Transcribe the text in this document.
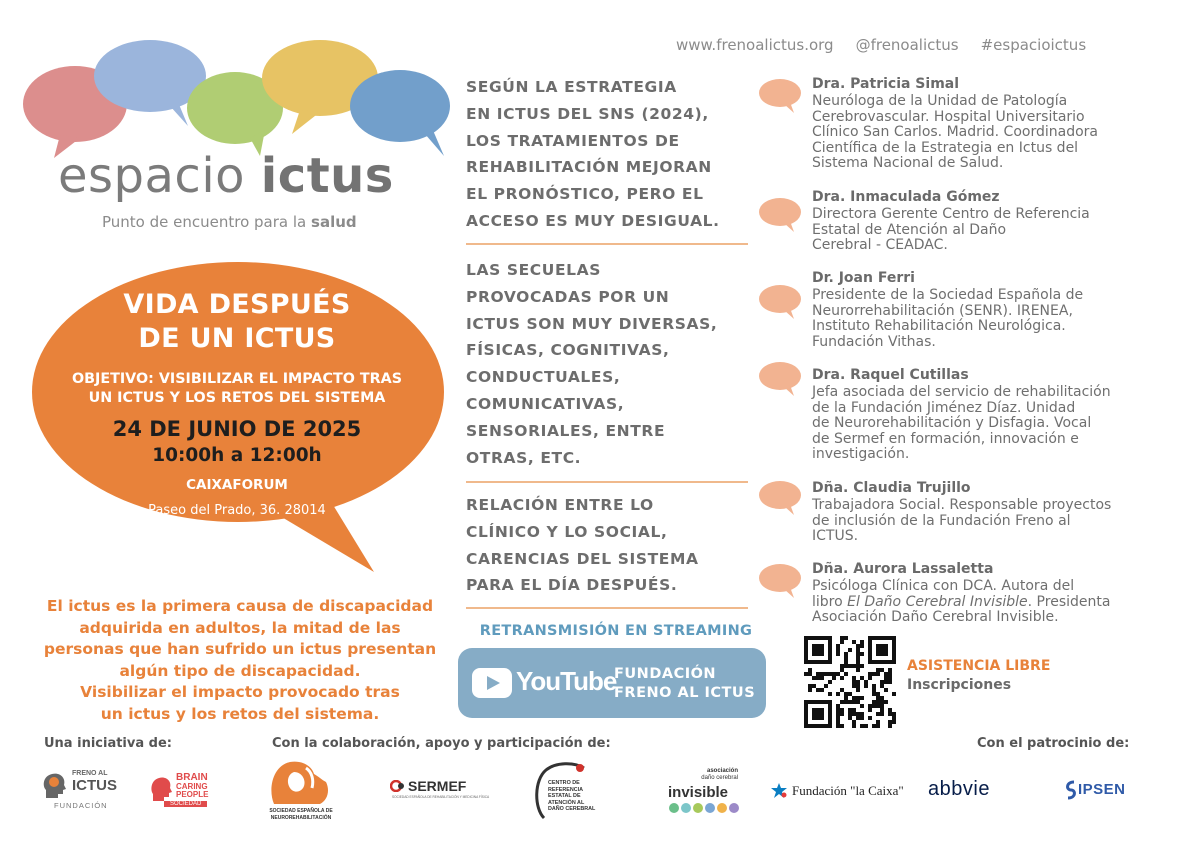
www.frenoalictus.org @frenoalictus #espacioictus
espacio ictus
Punto de encuentro para la salud
VIDA DESPUÉS
DE UN ICTUS
OBJETIVO: VISIBILIZAR EL IMPACTO TRAS
UN ICTUS Y LOS RETOS DEL SISTEMA
24 DE JUNIO DE 2025
10:00h a 12:00h
CAIXAFORUM
Paseo del Prado, 36. 28014
El ictus es la primera causa de discapacidad
adquirida en adultos, la mitad de las
personas que han sufrido un ictus presentan
algún tipo de discapacidad.
Visibilizar el impacto provocado tras
un ictus y los retos del sistema.
SEGÚN LA ESTRATEGIA
EN ICTUS DEL SNS (2024),
LOS TRATAMIENTOS DE
REHABILITACIÓN MEJORAN
EL PRONÓSTICO, PERO EL
ACCESO ES MUY DESIGUAL.
LAS SECUELAS
PROVOCADAS POR UN
ICTUS SON MUY DIVERSAS,
FÍSICAS, COGNITIVAS,
CONDUCTUALES,
COMUNICATIVAS,
SENSORIALES, ENTRE
OTRAS, ETC.
RELACIÓN ENTRE LO
CLÍNICO Y LO SOCIAL,
CARENCIAS DEL SISTEMA
PARA EL DÍA DESPUÉS.
RETRANSMISIÓN EN STREAMING
YouTube
FUNDACIÓN
FRENO AL ICTUS
Dra. Patricia Simal
Neuróloga de la Unidad de Patología
Cerebrovascular. Hospital Universitario
Clínico San Carlos. Madrid. Coordinadora
Científica de la Estrategia en Ictus del
Sistema Nacional de Salud.
Dra. Inmaculada Gómez
Directora Gerente Centro de Referencia
Estatal de Atención al Daño
Cerebral - CEADAC.
Dr. Joan Ferri
Presidente de la Sociedad Española de
Neurorrehabilitación (SENR). IRENEA,
Instituto Rehabilitación Neurológica.
Fundación Vithas.
Dra. Raquel Cutillas
Jefa asociada del servicio de rehabilitación
de la Fundación Jiménez Díaz. Unidad
de Neurorehabilitación y Disfagia. Vocal
de Sermef en formación, innovación e
investigación.
Dña. Claudia Trujillo
Trabajadora Social. Responsable proyectos
de inclusión de la Fundación Freno al
ICTUS.
Dña. Aurora Lassaletta
Psicóloga Clínica con DCA. Autora del
libro El Daño Cerebral Invisible. Presidenta
Asociación Daño Cerebral Invisible.
ASISTENCIA LIBRE
Inscripciones
Una iniciativa de:	Con la colaboración, apoyo y participación de:	Con el patrocinio de:
FRENO AL
ICTUS
FUNDACIÓN
BRAIN
CARING
PEOPLE
SOCIEDAD
SOCIEDAD ESPAÑOLA DE
NEUROREHABILITACIÓN
SERMEF
SOCIEDAD ESPAÑOLA DE REHABILITACIÓN Y MEDICINA FÍSICA
CENTRO DE
REFERENCIA
ESTATAL DE
ATENCIÓN AL
DAÑO CEREBRAL
asociación
daño cerebral
invisible	Fundación "la Caixa" abbvie	IPSEN
